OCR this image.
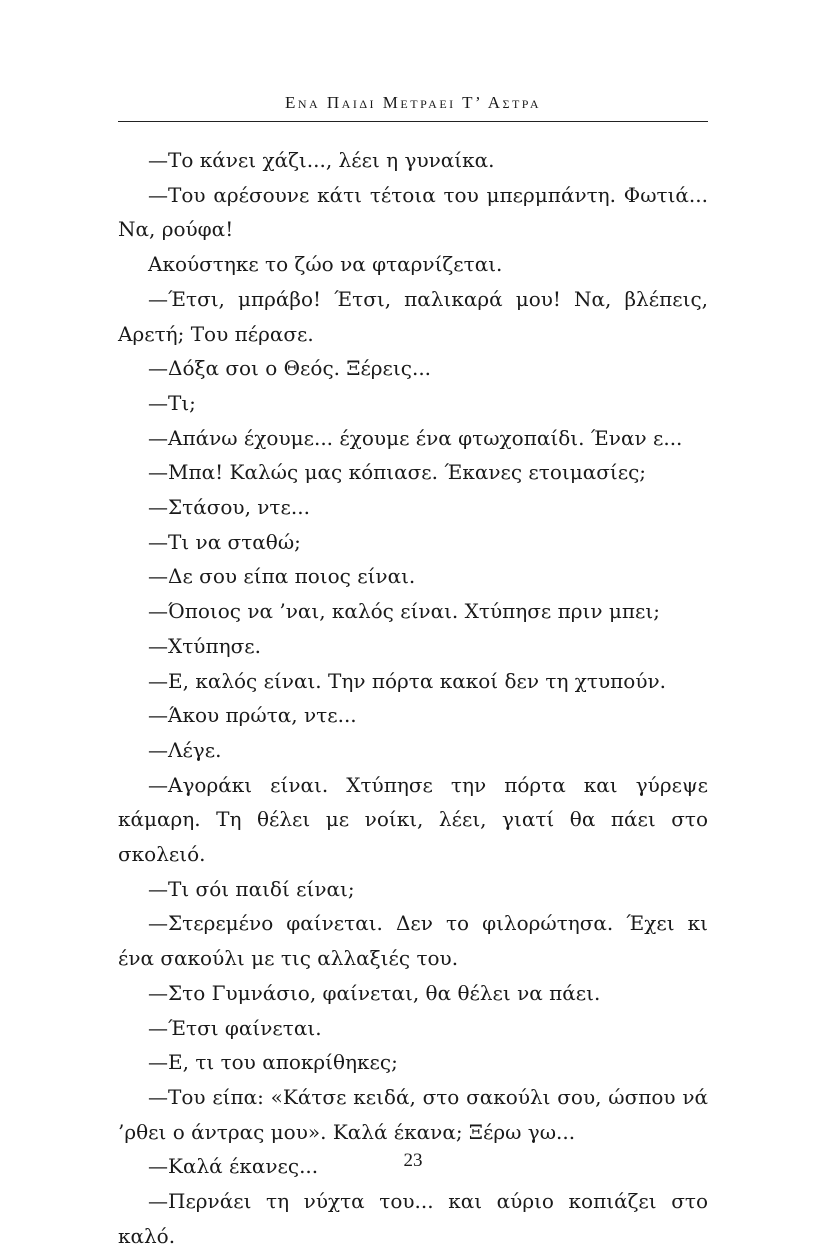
Ενα Παιδι Μετραει Τ’ Αστρα

—Το κάνει χάζι..., λέει η γυναίκα.

—Του αρέσουνε κάτι τέτοια του μπερμπάντη. Φωτιά... Να, ρούφα!

Ακούστηκε το ζώο να φταρνίζεται.

—Έτσι, μπράβο! Έτσι, παλικαρά μου! Να, βλέπεις, Αρετή; Του πέρασε.

—Δόξα σοι ο Θεός. Ξέρεις...

—Τι;

—Απάνω έχουμε... έχουμε ένα φτωχοπαίδι. Έναν ε...

—Μπα! Καλώς μας κόπιασε. Έκανες ετοιμασίες;

—Στάσου, ντε...

—Τι να σταθώ;

—Δε σου είπα ποιος είναι.

—Όποιος να ’ναι, καλός είναι. Χτύπησε πριν μπει;

—Χτύπησε.

—Ε, καλός είναι. Την πόρτα κακοί δεν τη χτυπούν.

—Άκου πρώτα, ντε...

—Λέγε.

—Αγοράκι είναι. Χτύπησε την πόρτα και γύρεψε κάμαρη. Τη θέλει με νοίκι, λέει, γιατί θα πάει στο σκολειό.

—Τι σόι παιδί είναι;

—Στερεμένο φαίνεται. Δεν το φιλορώτησα. Έχει κι ένα σακούλι με τις αλλαξιές του.

—Στο Γυμνάσιο, φαίνεται, θα θέλει να πάει.

—Έτσι φαίνεται.

—Ε, τι του αποκρίθηκες;

—Του είπα: «Κάτσε κειδά, στο σακούλι σου, ώσπου νά ’ρθει ο άντρας μου». Καλά έκανα; Ξέρω γω...

—Καλά έκανες...

—Περνάει τη νύχτα του... και αύριο κοπιάζει στο καλό.

23
